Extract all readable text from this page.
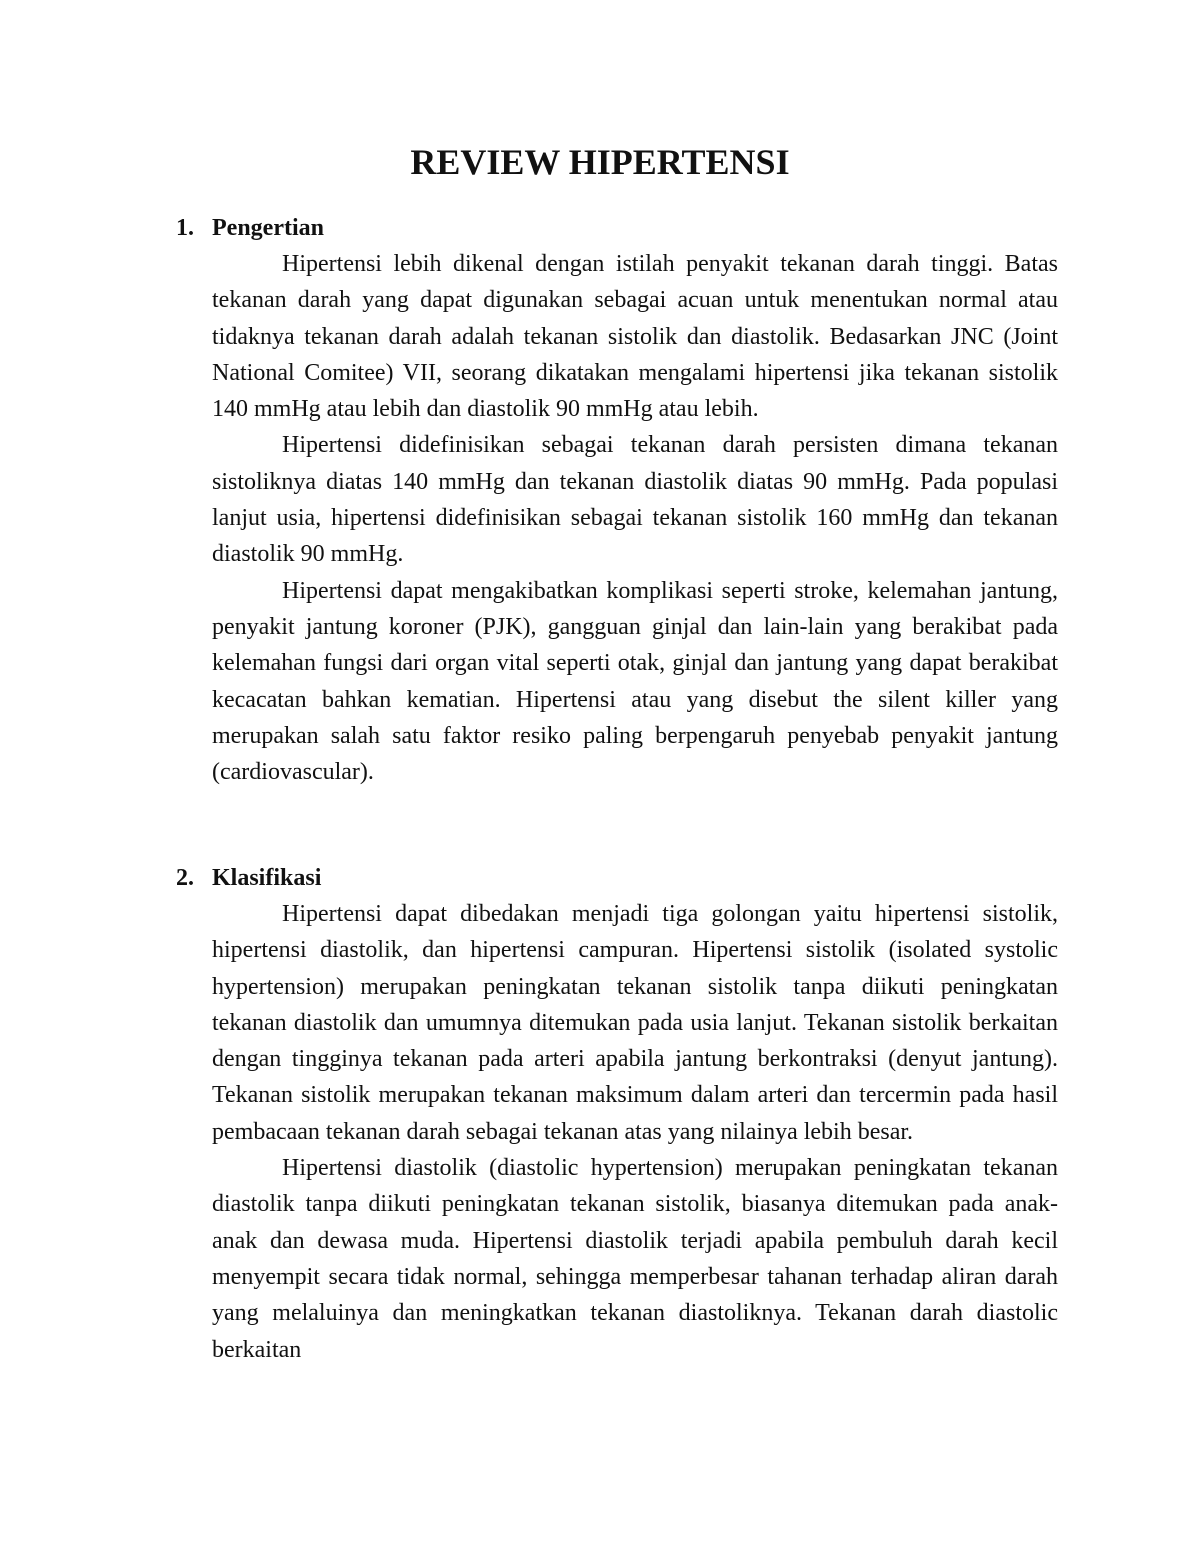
REVIEW HIPERTENSI
1. Pengertian

Hipertensi lebih dikenal dengan istilah penyakit tekanan darah tinggi. Batas tekanan darah yang dapat digunakan sebagai acuan untuk menentukan normal atau tidaknya tekanan darah adalah tekanan sistolik dan diastolik. Bedasarkan JNC (Joint National Comitee) VII, seorang dikatakan mengalami hipertensi jika tekanan sistolik 140 mmHg atau lebih dan diastolik 90 mmHg atau lebih.

Hipertensi didefinisikan sebagai tekanan darah persisten dimana tekanan sistoliknya diatas 140 mmHg dan tekanan diastolik diatas 90 mmHg. Pada populasi lanjut usia, hipertensi didefinisikan sebagai tekanan sistolik 160 mmHg dan tekanan diastolik 90 mmHg.

Hipertensi dapat mengakibatkan komplikasi seperti stroke, kelemahan jantung, penyakit jantung koroner (PJK), gangguan ginjal dan lain-lain yang berakibat pada kelemahan fungsi dari organ vital seperti otak, ginjal dan jantung yang dapat berakibat kecacatan bahkan kematian. Hipertensi atau yang disebut the silent killer yang merupakan salah satu faktor resiko paling berpengaruh penyebab penyakit jantung (cardiovascular).

2. Klasifikasi

Hipertensi dapat dibedakan menjadi tiga golongan yaitu hipertensi sistolik, hipertensi diastolik, dan hipertensi campuran. Hipertensi sistolik (isolated systolic hypertension) merupakan peningkatan tekanan sistolik tanpa diikuti peningkatan tekanan diastolik dan umumnya ditemukan pada usia lanjut. Tekanan sistolik berkaitan dengan tingginya tekanan pada arteri apabila jantung berkontraksi (denyut jantung). Tekanan sistolik merupakan tekanan maksimum dalam arteri dan tercermin pada hasil pembacaan tekanan darah sebagai tekanan atas yang nilainya lebih besar.

Hipertensi diastolik (diastolic hypertension) merupakan peningkatan tekanan diastolik tanpa diikuti peningkatan tekanan sistolik, biasanya ditemukan pada anak-anak dan dewasa muda. Hipertensi diastolik terjadi apabila pembuluh darah kecil menyempit secara tidak normal, sehingga memperbesar tahanan terhadap aliran darah yang melaluinya dan meningkatkan tekanan diastoliknya. Tekanan darah diastolic berkaitan
